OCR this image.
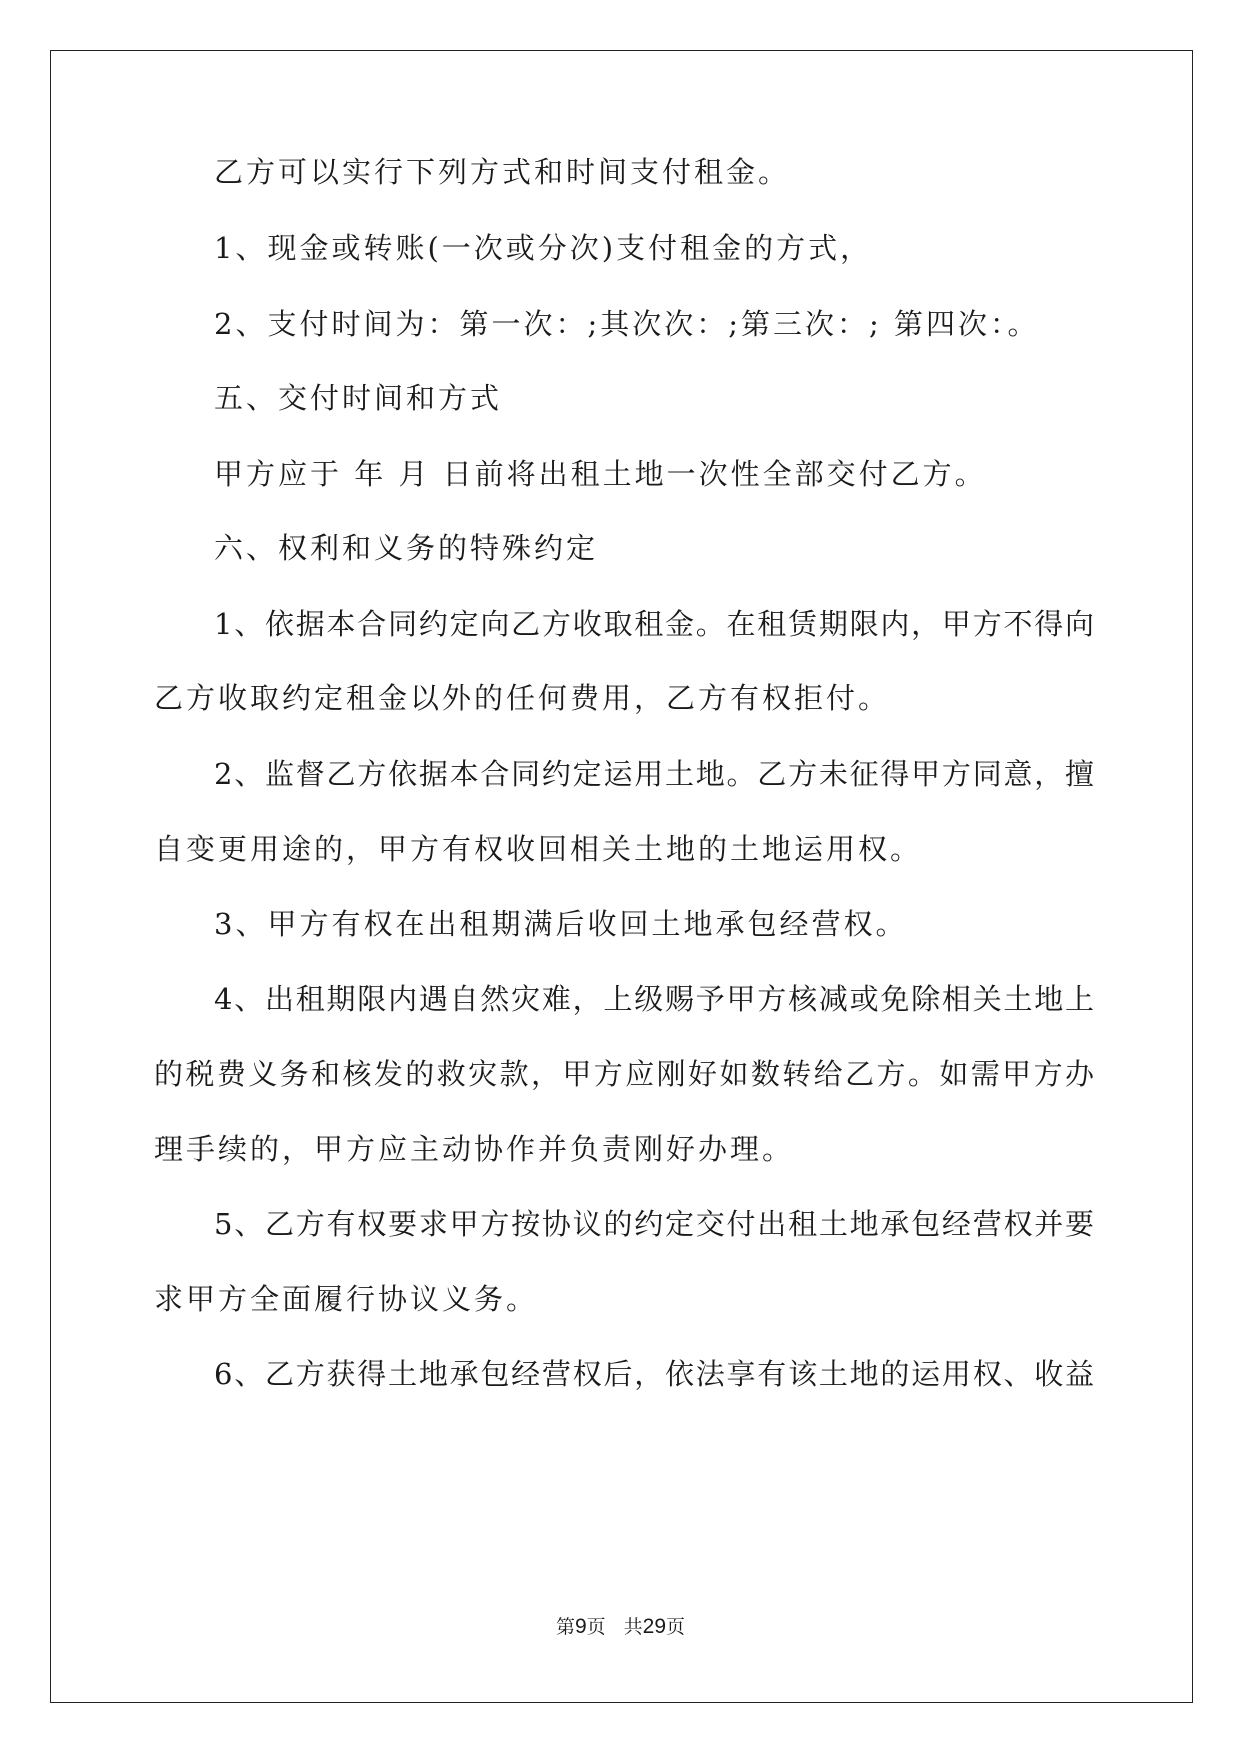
乙方可以实行下列方式和时间支付租金。
1、现金或转账(一次或分次)支付租金的方式，
2、支付时间为：第一次：;其次次：;第三次：; 第四次：。
五、交付时间和方式
甲方应于 年 月 日前将出租土地一次性全部交付乙方。
六、权利和义务的特殊约定
1、依据本合同约定向乙方收取租金。在租赁期限内，甲方不得向
乙方收取约定租金以外的任何费用，乙方有权拒付。
2、监督乙方依据本合同约定运用土地。乙方未征得甲方同意，擅
自变更用途的，甲方有权收回相关土地的土地运用权。
3、甲方有权在出租期满后收回土地承包经营权。
4、出租期限内遇自然灾难，上级赐予甲方核减或免除相关土地上
的税费义务和核发的救灾款，甲方应刚好如数转给乙方。如需甲方办
理手续的，甲方应主动协作并负责刚好办理。
5、乙方有权要求甲方按协议的约定交付出租土地承包经营权并要
求甲方全面履行协议义务。
6、乙方获得土地承包经营权后，依法享有该土地的运用权、收益
第9页 共29页
